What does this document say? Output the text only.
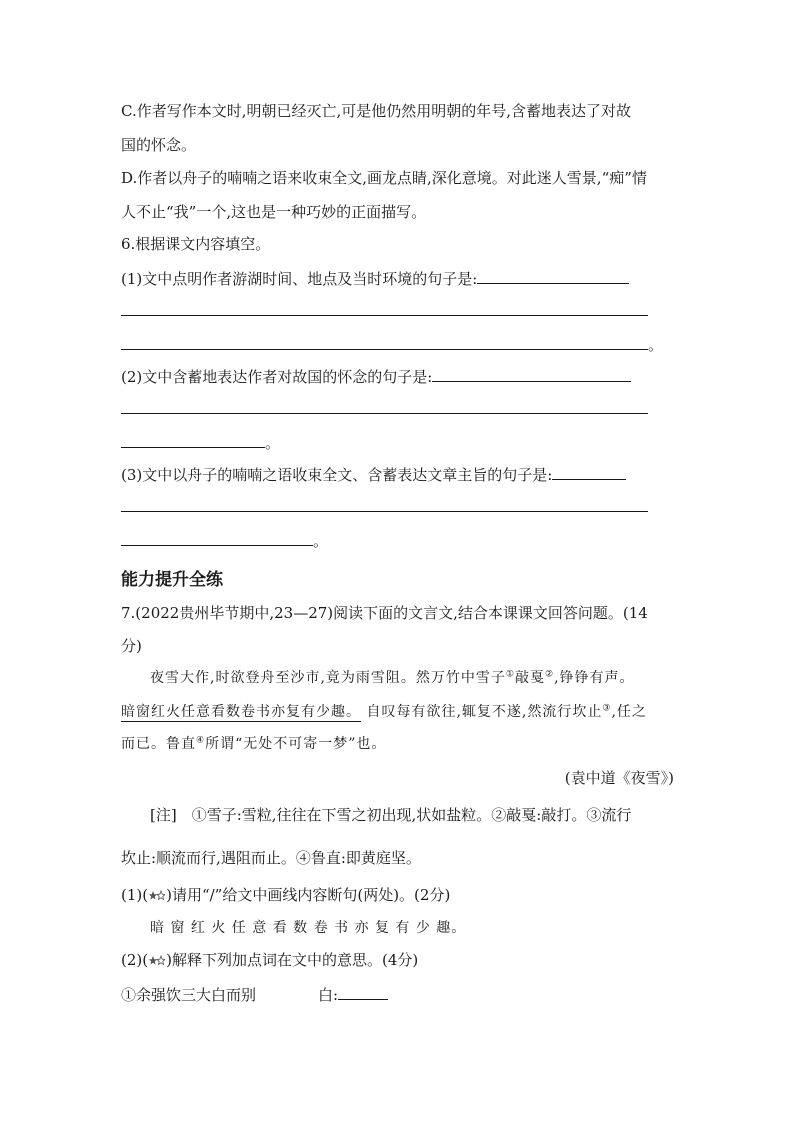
C.作者写作本文时,明朝已经灭亡,可是他仍然用明朝的年号,含蓄地表达了对故
国的怀念。
D.作者以舟子的喃喃之语来收束全文,画龙点睛,深化意境。对此迷人雪景,“痴”情
人不止“我”一个,这也是一种巧妙的正面描写。
6.根据课文内容填空。
(1)文中点明作者游湖时间、地点及当时环境的句子是:
。
(2)文中含蓄地表达作者对故国的怀念的句子是:
。
(3)文中以舟子的喃喃之语收束全文、含蓄表达文章主旨的句子是:
。
能力提升全练
7.(2022贵州毕节期中,23—27)阅读下面的文言文,结合本课课文回答问题。(14
分)
夜雪大作,时欲登舟至沙市,竟为雨雪阻。然万竹中雪子①敲戛②,铮铮有声。
暗窗红火任意看数卷书亦复有少趣。 自叹每有欲往,辄复不遂,然流行坎止③,任之
而已。鲁直④所谓“无处不可寄一梦”也。
(袁中道《夜雪》)
[注]　①雪子:雪粒,往往在下雪之初出现,状如盐粒。②敲戛:敲打。③流行
坎止:顺流而行,遇阻而止。④鲁直:即黄庭坚。
(1)( )请用“/”给文中画线内容断句(两处)。(2分)
暗 窗 红 火 任 意 看 数 卷 书 亦 复 有 少 趣。
(2)( )解释下列加点词在文中的意思。(4分)
①余强饮三大白而别	白:
